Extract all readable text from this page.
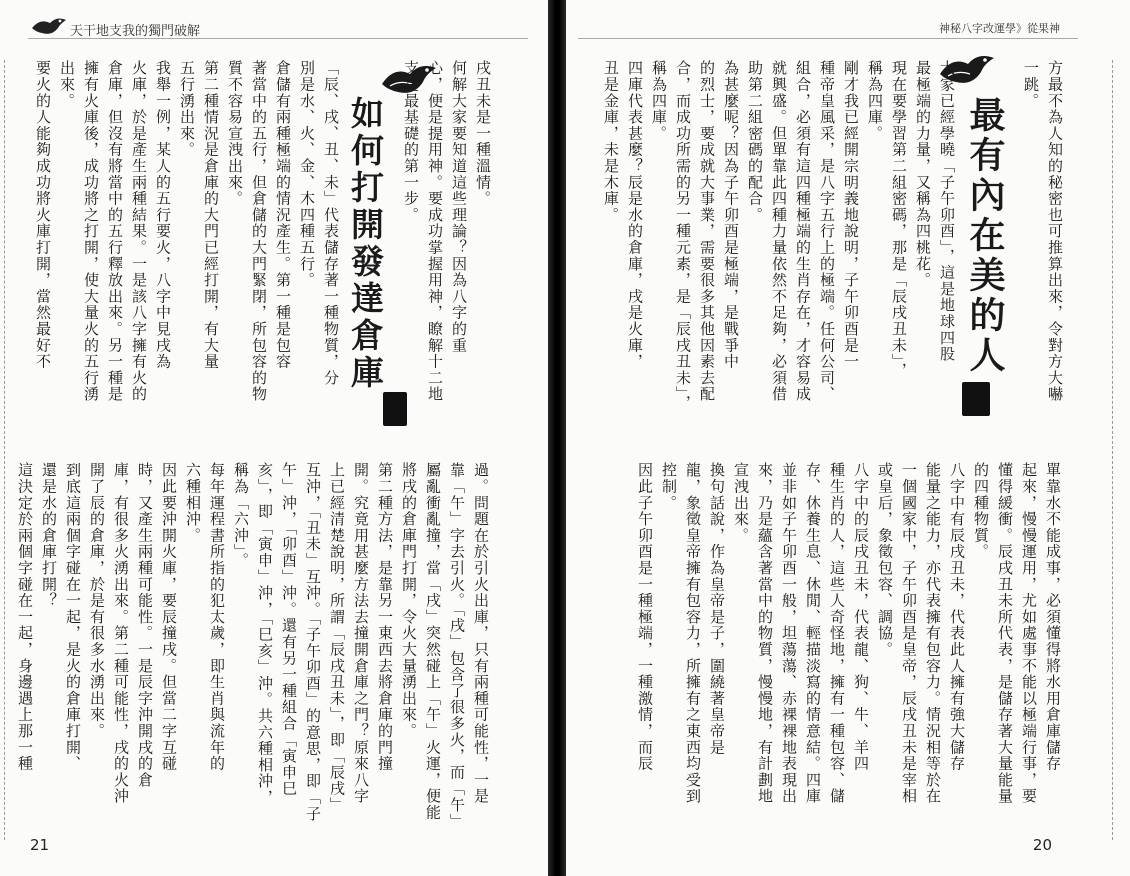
天干地支我的獨門破解
戌丑未是一種溫情。
何解大家要知道這些理論？因為八字的重
心，便是提用神。要成功掌握用神，瞭解十二地
支是最基礎的第一步。
如何打開發達倉庫
「辰、戌、丑、未」代表儲存著一種物質，分
別是水、火、金、木四種五行。
倉儲有兩種極端的情況產生。第一種是包容
著當中的五行，但倉儲的大門緊閉，所包容的物
質不容易宣洩出來。
第二種情況是倉庫的大門已經打開，有大量
五行湧出來。
我舉一例，某人的五行要火，八字中見戌為
火庫，於是產生兩種結果。一是該八字擁有火的
倉庫，但沒有將當中的五行釋放出來。另一種是
擁有火庫後，成功將之打開，使大量火的五行湧
出來。
要火的人能夠成功將火庫打開，當然最好不
過。問題在於引火出庫，只有兩種可能性，一是
靠「午」字去引火。「戌」包含了很多火，而「午」
屬亂衝亂撞，當「戌」突然碰上「午」火運，便能
將戌的倉庫門打開，令火大量湧出來。
第二種方法，是靠另一東西去將倉庫的門撞
開。究竟用甚麼方法去撞開倉庫之門？原來八字
上已經清楚說明，所謂「辰戌丑未」，即「辰戌」
互沖，「丑未」互沖。「子午卯酉」的意思，即「子
午」沖，「卯酉」沖。還有另一種組合「寅申巳
亥」，即「寅申」沖，「巳亥」沖。共六種相沖，
稱為「六沖」。
每年運程書所指的犯太歲，即生肖與流年的
六種相沖。
因此要沖開火庫，要辰撞戌。但當二字互碰
時，又產生兩種可能性。一是辰字沖開戌的倉
庫，有很多火湧出來。第二種可能性，戌的火沖
開了辰的倉庫，於是有很多水湧出來。
到底這兩個字碰在一起，是火的倉庫打開、
還是水的倉庫打開？
這決定於兩個字碰在一起，身邊遇上那一種
21
神秘八字改運學》從果神
方最不為人知的秘密也可推算出來，令對方大嚇
一跳。
最有內在美的人
大家已經學曉「子午卯酉」，這是地球四股
最極端的力量，又稱為四桃花。
現在要學習第二組密碼，那是「辰戌丑未」，
稱為四庫。
剛才我已經開宗明義地說明，子午卯酉是一
種帝皇風采，是八字五行上的極端。任何公司、
組合，必須有這四種極端的生肖存在，才容易成
就興盛。但單靠此四種力量依然不足夠，必須借
助第二組密碼的配合。
為甚麼呢？因為子午卯酉是極端，是戰爭中
的烈士，要成就大事業，需要很多其他因素去配
合，而成功所需的另一種元素，是「辰戌丑未」，
稱為四庫。
四庫代表甚麼？辰是水的倉庫，戌是火庫，
丑是金庫，未是木庫。
單靠水不能成事，必須懂得將水用倉庫儲存
起來，慢慢運用，尤如處事不能以極端行事，要
懂得緩衝。辰戌丑未所代表，是儲存著大量能量
的四種物質。
八字中有辰戌丑未，代表此人擁有強大儲存
能量之能力，亦代表擁有包容力。情況相等於在
一個國家中，子午卯酉是皇帝，辰戌丑未是宰相
或皇后，象徵包容、調協。
八字中的辰戌丑未，代表龍、狗、牛、羊四
種生肖的人，這些人奇怪地，擁有一種包容、儲
存、休養生息、休閒、輕描淡寫的情意結。四庫
並非如子午卯酉一般，坦蕩蕩、赤裸裸地表現出
來，乃是蘊含著當中的物質，慢慢地，有計劃地
宣洩出來。
換句話說，作為皇帝是子，圍繞著皇帝是
龍，象徵皇帝擁有包容力，所擁有之東西均受到
控制。
因此子午卯酉是一種極端，一種激情，而辰
20
